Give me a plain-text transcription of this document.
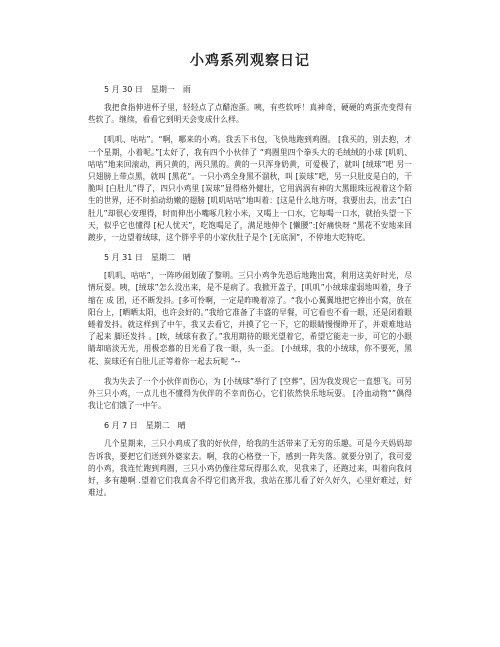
小鸡系列观察日记
5 月 30 日　星期一　雨

我把食指伸进杯子里，轻轻点了点醋泡蛋。咦，有些软呼！真神奇，硬硬的鸡蛋壳变得有些软了。继续，看看它到明天会变成什么样。

[叽叽、咕咕”。“啊，哪来的小鸡。我丢下书包，飞快地跑到鸡圈。 [我买的，别去抱，才一个星期，小着呢。”[太好了，我有四个小伙伴了 “鸡圈里四个拳头大的毛绒绒的小球 [叽叽、咕咕”地来回滚动，两只黄的，两只黑的。黄的一只浑身奶黄，可爱极了，就叫 [绒球”吧 另一只翅膀上带点黑，就叫 [黑花”。一只小鸡全身黑不溜秋，叫 [炭球”吧，另一只肚皮是白的，干脆叫 [白肚儿”得了，四只小鸡里 [炭球”显得格外健壮，它用涡涡有神的大黑眼珠远视着这个陌生的世界，还不时拍动幼嫩的翅膀 [叽叽咕咕“地叫着：[这是什么地方呀，我要出去，出去”[白肚儿”却很心安理得，时而伸出小嘴啄几粒小米，又喝上一口水，它每喝一口水，就抬头望一下天，似乎它也懂得 [杞人忧天”，吃饱喝足了，满足地伸个 [懒腰”:[好痛快呀 “黑花不安地来回踱步，一边望着绒球，这个胖乎乎的小家伙肚子是个 [无底洞”，不停地大吃特吃。

5 月 31 日　星期二　晴

[叽叽、咕咕”，一阵吵闹划破了黎明。三只小鸡争先恐后地跑出窝，利用这美好时光，尽情玩耍。咦，[绒球”怎么没出来，是不是病了。我掀开盖子，[叽叽”小绒球虚弱地叫着，身子缩在 成 团，还不断发抖。[多可怜啊，一定是昨晚着凉了。“我小心翼翼地把它捧出小窝，放在阳台上，[晒晒太阳，也许会好的。”我给它准备了丰盛的早餐，可它看也不看一眼，还是闭着眼蜷着发抖。就这样到了中午，我又去看它，并摸了它一下，它的眼睛慢慢睁开了，并艰难地站了起来 脚还发抖 。[唉，绒球有救了。”我用期待的眼光望着它，希望它能走一步，可它的小眼睛却暗淡无光，用极恋慕的目光看了我一眼，头一歪。 [小绒球，我的小绒球，你不要死，黑花、炭球还有白肚儿正等着你一起去玩呢 “--

我为失去了一个小伙伴而伤心，为 [小绒球”举行了 [空葬”，因为我发现它一直想飞。可另外三只小鸡，一点儿也不懂得为伙伴的不幸而伤心，它们依然快乐地玩耍。 [冷血动物“”偶得我让它们饿了一中午。

6 月 7 日　星期二　晴

几个星期来，三只小鸡成了我的好伙伴，给我的生活带来了无穷的乐趣。可是今天妈妈却告诉我，要把它们送到外婆家去。啊，我的心格登一下，感到一阵失落。就要分别了，我可爱的小鸡，我连忙跑到鸡圈，三只小鸡仍像往常玩得那么欢，见我来了，还跑过来，叫着向我问好，多有趣啊 .望着它们我真舍不得它们离开我，我站在那儿看了好久好久，心里好难过，好难过。
